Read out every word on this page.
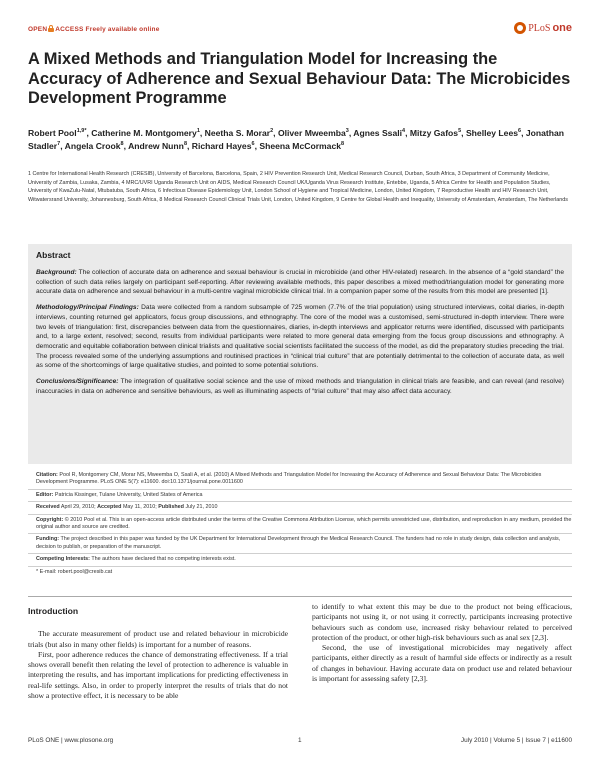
OPEN ACCESS Freely available online	PLoS one
A Mixed Methods and Triangulation Model for Increasing the Accuracy of Adherence and Sexual Behaviour Data: The Microbicides Development Programme
Robert Pool$^{1,9*}$, Catherine M. Montgomery$^1$, Neetha S. Morar$^2$, Oliver Mweemba$^3$, Agnes Ssali$^4$, Mitzy Gafos$^5$, Shelley Lees$^6$, Jonathan Stadler$^7$, Angela Crook$^8$, Andrew Nunn$^8$, Richard Hayes$^6$, Sheena McCormack$^8$
1 Centre for International Health Research (CRESIB), University of Barcelona, Barcelona, Spain, 2 HIV Prevention Research Unit, Medical Research Council, Durban, South Africa, 3 Department of Community Medicine, University of Zambia, Lusaka, Zambia, 4 MRC/UVRI Uganda Research Unit on AIDS, Medical Research Council UK/Uganda Virus Research Institute, Entebbe, Uganda, 5 Africa Centre for Health and Population Studies, University of KwaZulu-Natal, Mtubatuba, South Africa, 6 Infectious Disease Epidemiology Unit, London School of Hygiene and Tropical Medicine, London, United Kingdom, 7 Reproductive Health and HIV Research Unit, Witwatersrand University, Johannesburg, South Africa, 8 Medical Research Council Clinical Trials Unit, London, United Kingdom, 9 Centre for Global Health and Inequality, University of Amsterdam, Amsterdam, The Netherlands
Abstract

Background: The collection of accurate data on adherence and sexual behaviour is crucial in microbicide (and other HIV-related) research. In the absence of a “gold standard” the collection of such data relies largely on participant self-reporting. After reviewing available methods, this paper describes a mixed method/triangulation model for generating more accurate data on adherence and sexual behaviour in a multi-centre vaginal microbicide clinical trial. In a companion paper some of the results from this model are presented [1].

Methodology/Principal Findings: Data were collected from a random subsample of 725 women (7.7% of the trial population) using structured interviews, coital diaries, in-depth interviews, counting returned gel applicators, focus group discussions, and ethnography. The core of the model was a customised, semi-structured in-depth interview. There were two levels of triangulation: first, discrepancies between data from the questionnaires, diaries, in-depth interviews and applicator returns were identified, discussed with participants and, to a large extent, resolved; second, results from individual participants were related to more general data emerging from the focus group discussions and ethnography. A democratic and equitable collaboration between clinical trialists and qualitative social scientists facilitated the success of the model, as did the preparatory studies preceding the trial. The process revealed some of the underlying assumptions and routinised practices in “clinical trial culture” that are potentially detrimental to the collection of accurate data, as well as some of the shortcomings of large qualitative studies, and pointed to some potential solutions.

Conclusions/Significance: The integration of qualitative social science and the use of mixed methods and triangulation in clinical trials are feasible, and can reveal (and resolve) inaccuracies in data on adherence and sensitive behaviours, as well as illuminating aspects of “trial culture” that may also affect data accuracy.

Citation: Pool R, Montgomery CM, Morar NS, Mweemba O, Ssali A, et al. (2010) A Mixed Methods and Triangulation Model for Increasing the Accuracy of Adherence and Sexual Behaviour Data: The Microbicides Development Programme. PLoS ONE 5(7): e11600. doi:10.1371/journal.pone.0011600
Editor: Patricia Kissinger, Tulane University, United States of America
Received April 29, 2010; Accepted May 11, 2010; Published July 21, 2010
Copyright: © 2010 Pool et al. This is an open-access article distributed under the terms of the Creative Commons Attribution License, which permits unrestricted use, distribution, and reproduction in any medium, provided the original author and source are credited.
Funding: The project described in this paper was funded by the UK Department for International Development through the Medical Research Council. The funders had no role in study design, data collection and analysis, decision to publish, or preparation of the manuscript.
Competing Interests: The authors have declared that no competing interests exist.
* E-mail: robert.pool@cresib.cat
Introduction

The accurate measurement of product use and related behaviour in microbicide trials (but also in many other fields) is important for a number of reasons.

First, poor adherence reduces the chance of demonstrating effectiveness. If a trial shows overall benefit then relating the level of protection to adherence is valuable in interpreting the results, and has important implications for predicting effectiveness in real-life settings. Also, in order to properly interpret the results of trials that do not show a protective effect, it is necessary to be able

to identify to what extent this may be due to the product not being efficacious, participants not using it, or not using it correctly, participants increasing protective behaviours such as condom use, increased risky behaviour related to perceived protection of the product, or other high-risk behaviours such as anal sex [2,3].

Second, the use of investigational microbicides may negatively affect participants, either directly as a result of harmful side effects or indirectly as a result of changes in behaviour. Having accurate data on product use and related behaviour is important for assessing safety [2,3].

PLoS ONE | www.plosone.org	1	July 2010 | Volume 5 | Issue 7 | e11600
